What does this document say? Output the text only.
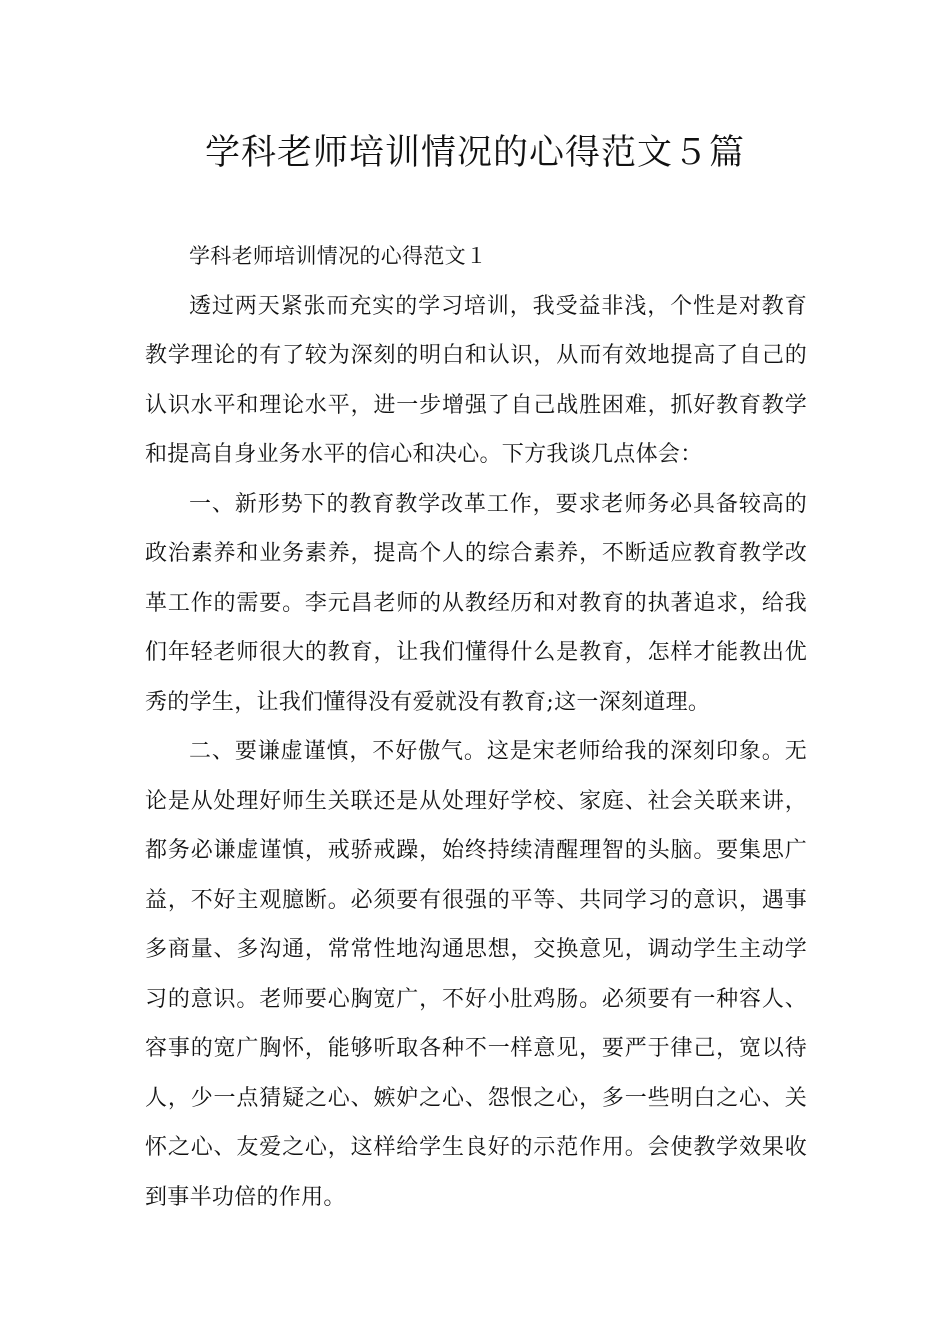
学科老师培训情况的心得范文５篇

学科老师培训情况的心得范文１

透过两天紧张而充实的学习培训，我受益非浅，个性是对教育教学理论的有了较为深刻的明白和认识，从而有效地提高了自己的认识水平和理论水平，进一步增强了自己战胜困难，抓好教育教学和提高自身业务水平的信心和决心。下方我谈几点体会：

一、新形势下的教育教学改革工作，要求老师务必具备较高的政治素养和业务素养，提高个人的综合素养，不断适应教育教学改革工作的需要。李元昌老师的从教经历和对教育的执著追求，给我们年轻老师很大的教育，让我们懂得什么是教育，怎样才能教出优秀的学生，让我们懂得没有爱就没有教育;这一深刻道理。

二、要谦虚谨慎，不好傲气。这是宋老师给我的深刻印象。无论是从处理好师生关联还是从处理好学校、家庭、社会关联来讲，都务必谦虚谨慎，戒骄戒躁，始终持续清醒理智的头脑。要集思广益，不好主观臆断。必须要有很强的平等、共同学习的意识，遇事多商量、多沟通，常常性地沟通思想，交换意见，调动学生主动学习的意识。老师要心胸宽广，不好小肚鸡肠。必须要有一种容人、容事的宽广胸怀，能够听取各种不一样意见，要严于律己，宽以待人，少一点猜疑之心、嫉妒之心、怨恨之心，多一些明白之心、关怀之心、友爱之心，这样给学生良好的示范作用。会使教学效果收到事半功倍的作用。
